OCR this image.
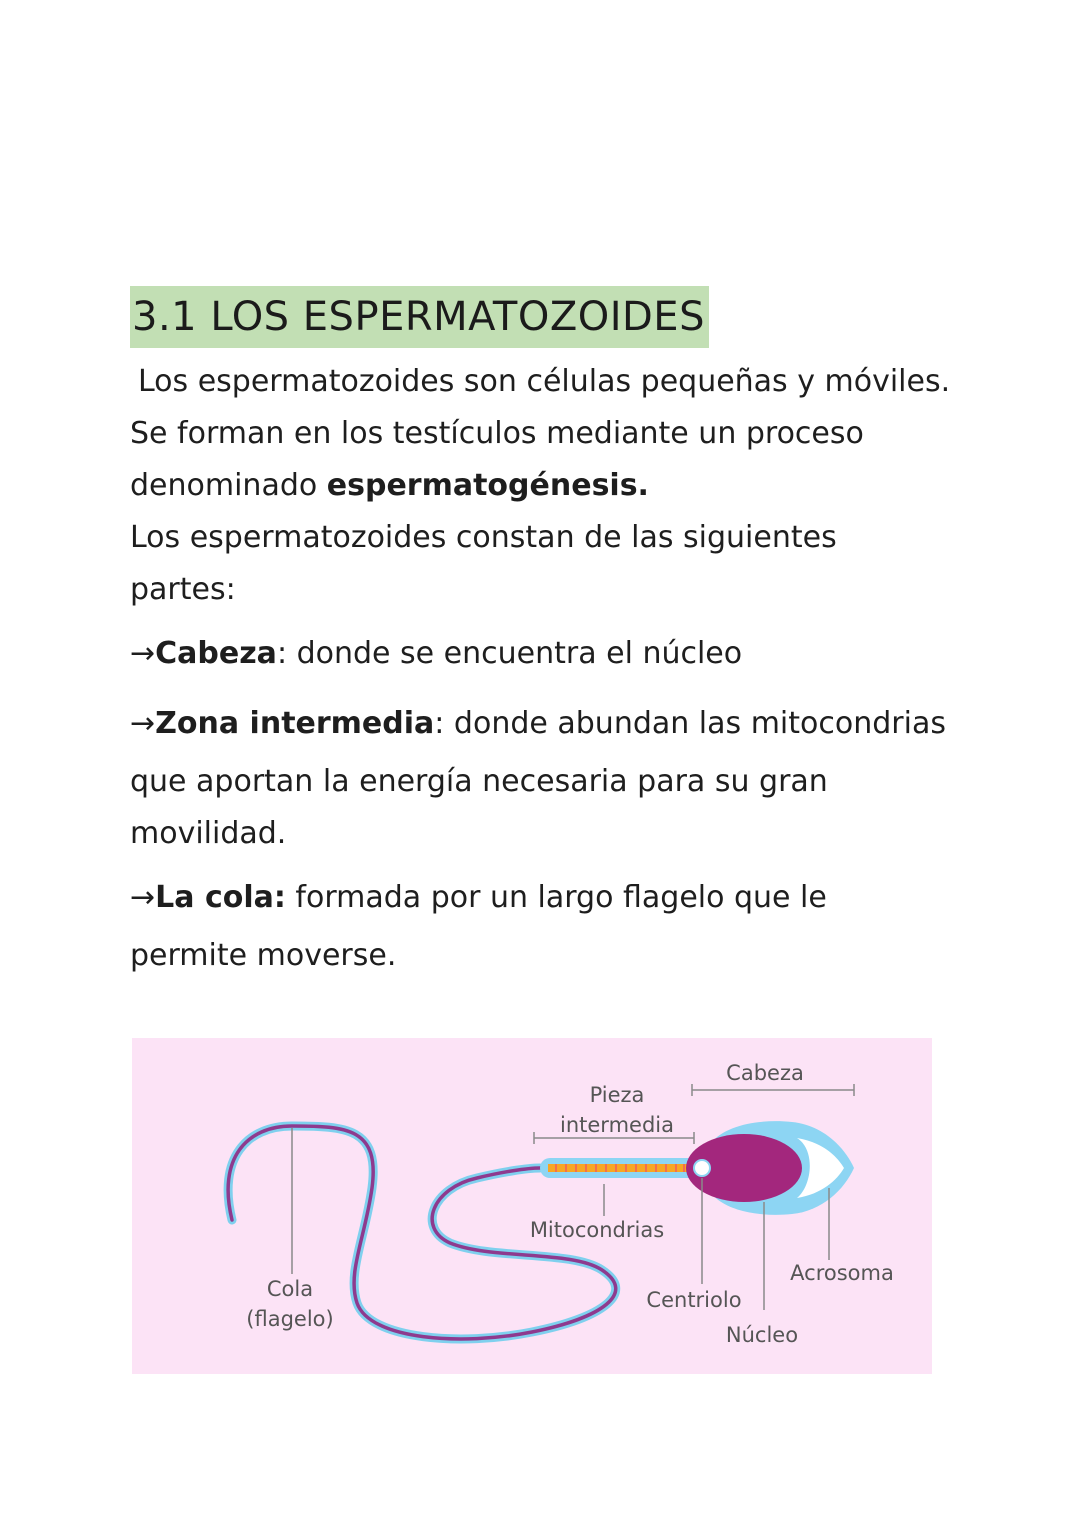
3.1 LOS ESPERMATOZOIDES
Los espermatozoides son células pequeñas y móviles.
Se forman en los testículos mediante un proceso
denominado espermatogénesis.
Los espermatozoides constan de las siguientes
partes:
→Cabeza: donde se encuentra el núcleo
→Zona intermedia: donde abundan las mitocondrias
que aportan la energía necesaria para su gran
movilidad.
→La cola: formada por un largo flagelo que le
permite moverse.
Cabeza
Pieza
intermedia
Mitocondrias
Acrosoma
Centriolo
Núcleo
Cola
(flagelo)
